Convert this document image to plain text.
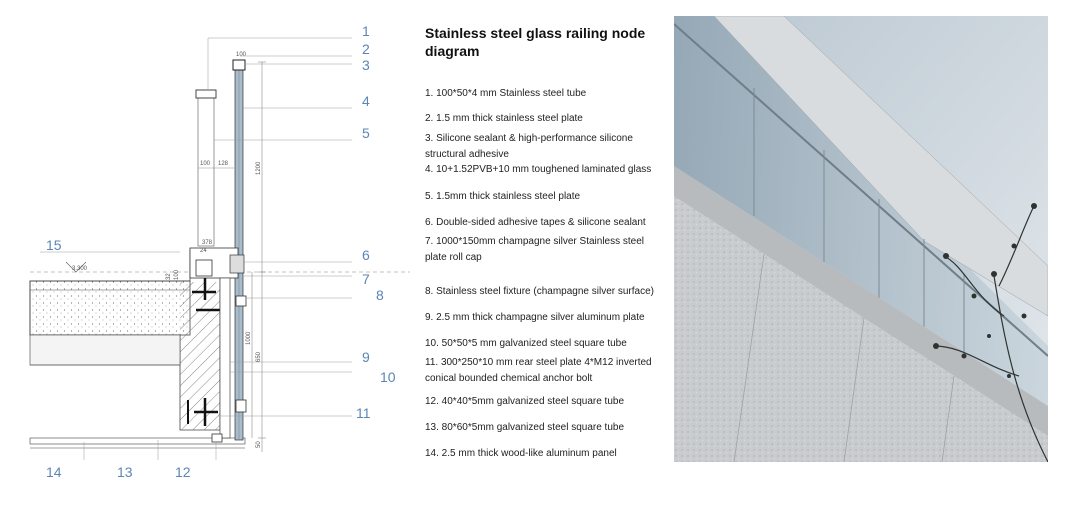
3.300
100 128	1200
1000
650
50
378
24
32 100
100
1
2
3
4
5
6
7
8
9
10
11
12
13
14
15
Stainless steel glass railing node diagram
1. 100*50*4 mm Stainless steel tube
2. 1.5 mm thick stainless steel plate
3. Silicone sealant & high-performance silicone structural adhesive
4. 10+1.52PVB+10 mm toughened laminated glass
5. 1.5mm thick stainless steel plate
6. Double-sided adhesive tapes & silicone sealant
7. 1000*150mm champagne silver Stainless steel plate roll cap
8. Stainless steel fixture (champagne silver surface)
9. 2.5 mm thick champagne silver aluminum plate
10. 50*50*5 mm galvanized steel square tube
11. 300*250*10 mm rear steel plate 4*M12 inverted conical bounded chemical anchor bolt
12. 40*40*5mm galvanized steel square tube
13. 80*60*5mm galvanized steel square tube
14. 2.5 mm thick wood-like aluminum panel
